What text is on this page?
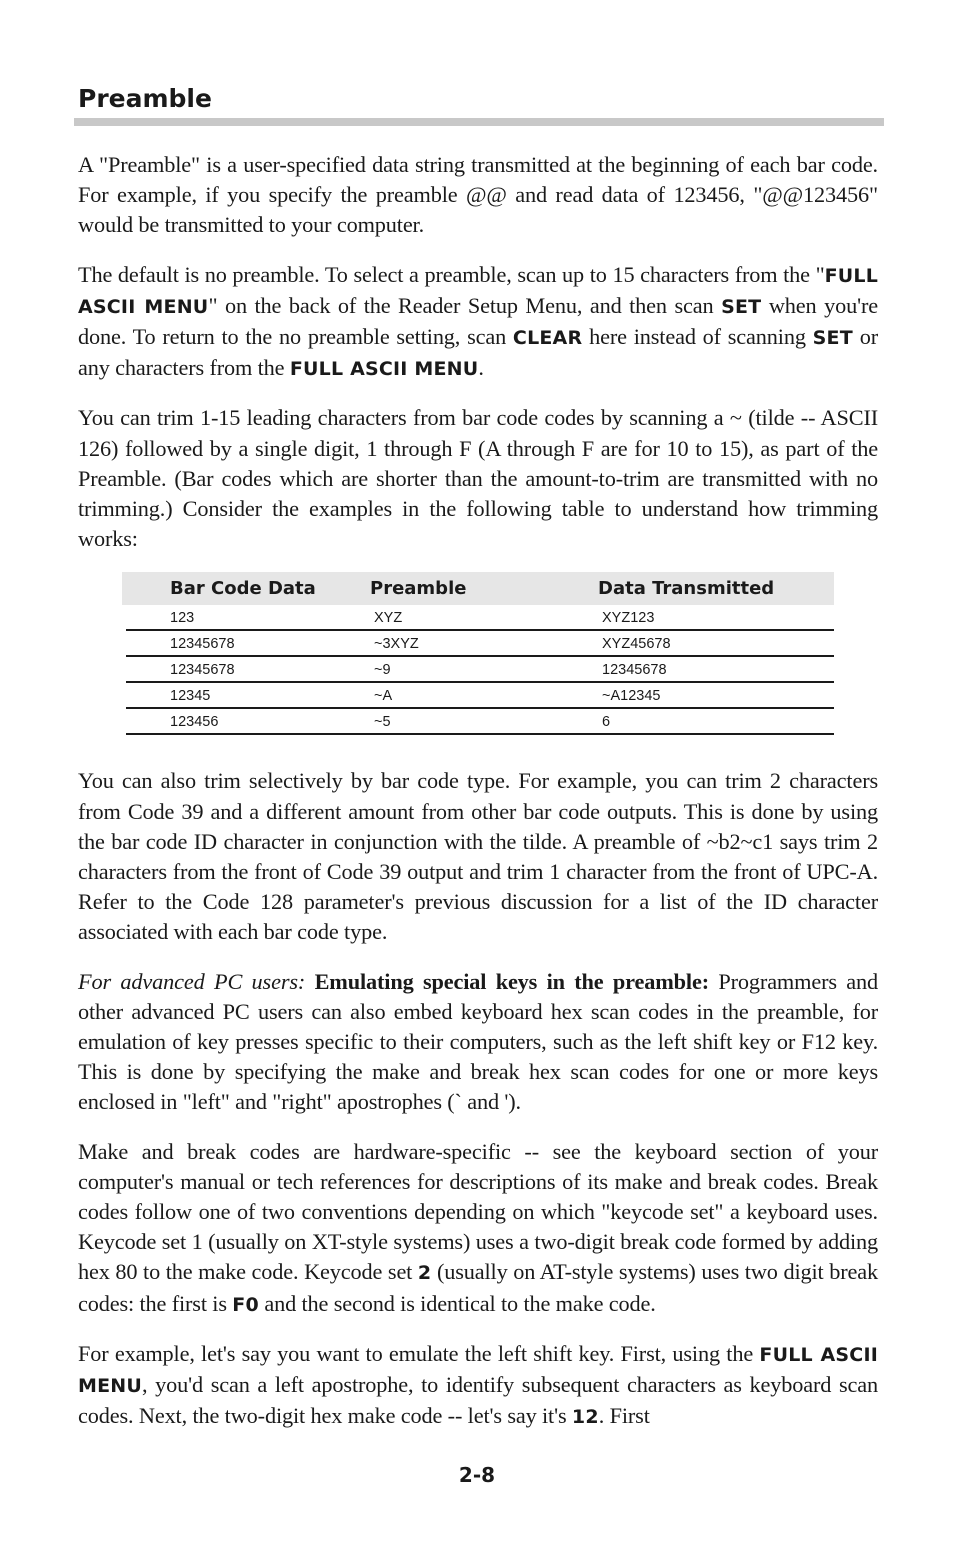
Preamble

A "Preamble" is a user-specified data string transmitted at the beginning of each bar code. For example, if you specify the preamble @@ and read data of 123456, "@@123456" would be transmitted to your computer.

The default is no preamble. To select a preamble, scan up to 15 characters from the "FULL ASCII MENU" on the back of the Reader Setup Menu, and then scan SET when you're done. To return to the no preamble setting, scan CLEAR here instead of scanning SET or any characters from the FULL ASCII MENU.

You can trim 1-15 leading characters from bar code codes by scanning a ~ (tilde -- ASCII 126) followed by a single digit, 1 through F (A through F are for 10 to 15), as part of the Preamble. (Bar codes which are shorter than the amount-to-trim are transmitted with no trimming.) Consider the examples in the following table to understand how trimming works:

Bar Code Data	Preamble	Data Transmitted
123	XYZ	XYZ123
12345678	~3XYZ	XYZ45678
12345678	~9	12345678
12345	~A	~A12345
123456	~5	6

You can also trim selectively by bar code type. For example, you can trim 2 characters from Code 39 and a different amount from other bar code outputs. This is done by using the bar code ID character in conjunction with the tilde. A preamble of ~b2~c1 says trim 2 characters from the front of Code 39 output and trim 1 character from the front of UPC-A. Refer to the Code 128 parameter's previous discussion for a list of the ID character associated with each bar code type.

For advanced PC users: Emulating special keys in the preamble: Programmers and other advanced PC users can also embed keyboard hex scan codes in the preamble, for emulation of key presses specific to their computers, such as the left shift key or F12 key. This is done by specifying the make and break hex scan codes for one or more keys enclosed in "left" and "right" apostrophes (` and ').

Make and break codes are hardware-specific -- see the keyboard section of your computer's manual or tech references for descriptions of its make and break codes. Break codes follow one of two conventions depending on which "keycode set" a keyboard uses. Keycode set 1 (usually on XT-style systems) uses a two-digit break code formed by adding hex 80 to the make code. Keycode set 2 (usually on AT-style systems) uses two digit break codes: the first is F0 and the second is identical to the make code.

For example, let's say you want to emulate the left shift key. First, using the FULL ASCII MENU, you'd scan a left apostrophe, to identify subsequent characters as keyboard scan codes. Next, the two-digit hex make code -- let's say it's 12. First

2-8
